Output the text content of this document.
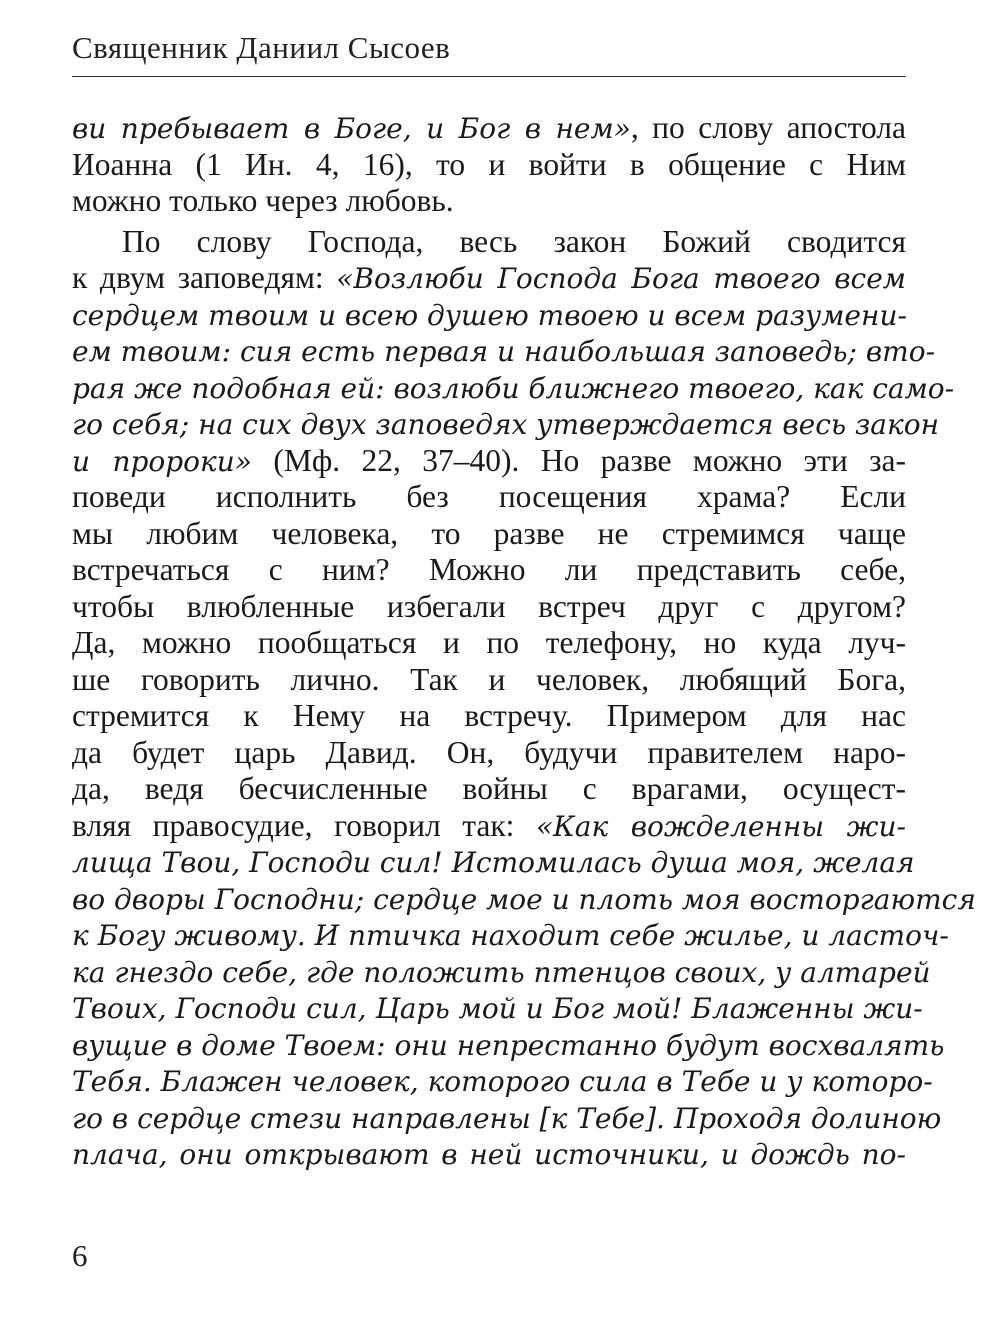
Священник Даниил Сысоев
ви пребывает в Боге, и Бог в нем», по слову апостола
Иоанна (1 Ин. 4, 16), то и войти в общение с Ним
можно только через любовь.
По слову Господа, весь закон Божий сводится
к двум заповедям: «Возлюби Господа Бога твоего всем
сердцем твоим и всею душею твоею и всем разумени-
ем твоим: сия есть первая и наибольшая заповедь; вто-
рая же подобная ей: возлюби ближнего твоего, как само-
го себя; на сих двух заповедях утверждается весь закон
и пророки» (Мф. 22, 37–40). Но разве можно эти за-
поведи исполнить без посещения храма? Если
мы любим человека, то разве не стремимся чаще
встречаться с ним? Можно ли представить себе,
чтобы влюбленные избегали встреч друг с другом?
Да, можно пообщаться и по телефону, но куда луч-
ше говорить лично. Так и человек, любящий Бога,
стремится к Нему на встречу. Примером для нас
да будет царь Давид. Он, будучи правителем наро-
да, ведя бесчисленные войны с врагами, осущест-
вляя правосудие, говорил так: «Как вожделенны жи-
лища Твои, Господи сил! Истомилась душа моя, желая
во дворы Господни; сердце мое и плоть моя восторгаются
к Богу живому. И птичка находит себе жилье, и ласточ-
ка гнездо себе, где положить птенцов своих, у алтарей
Твоих, Господи сил, Царь мой и Бог мой! Блаженны жи-
вущие в доме Твоем: они непрестанно будут восхвалять
Тебя. Блажен человек, которого сила в Тебе и у которо-
го в сердце стези направлены [к Тебе]. Проходя долиною
плача, они открывают в ней источники, и дождь по-
6
